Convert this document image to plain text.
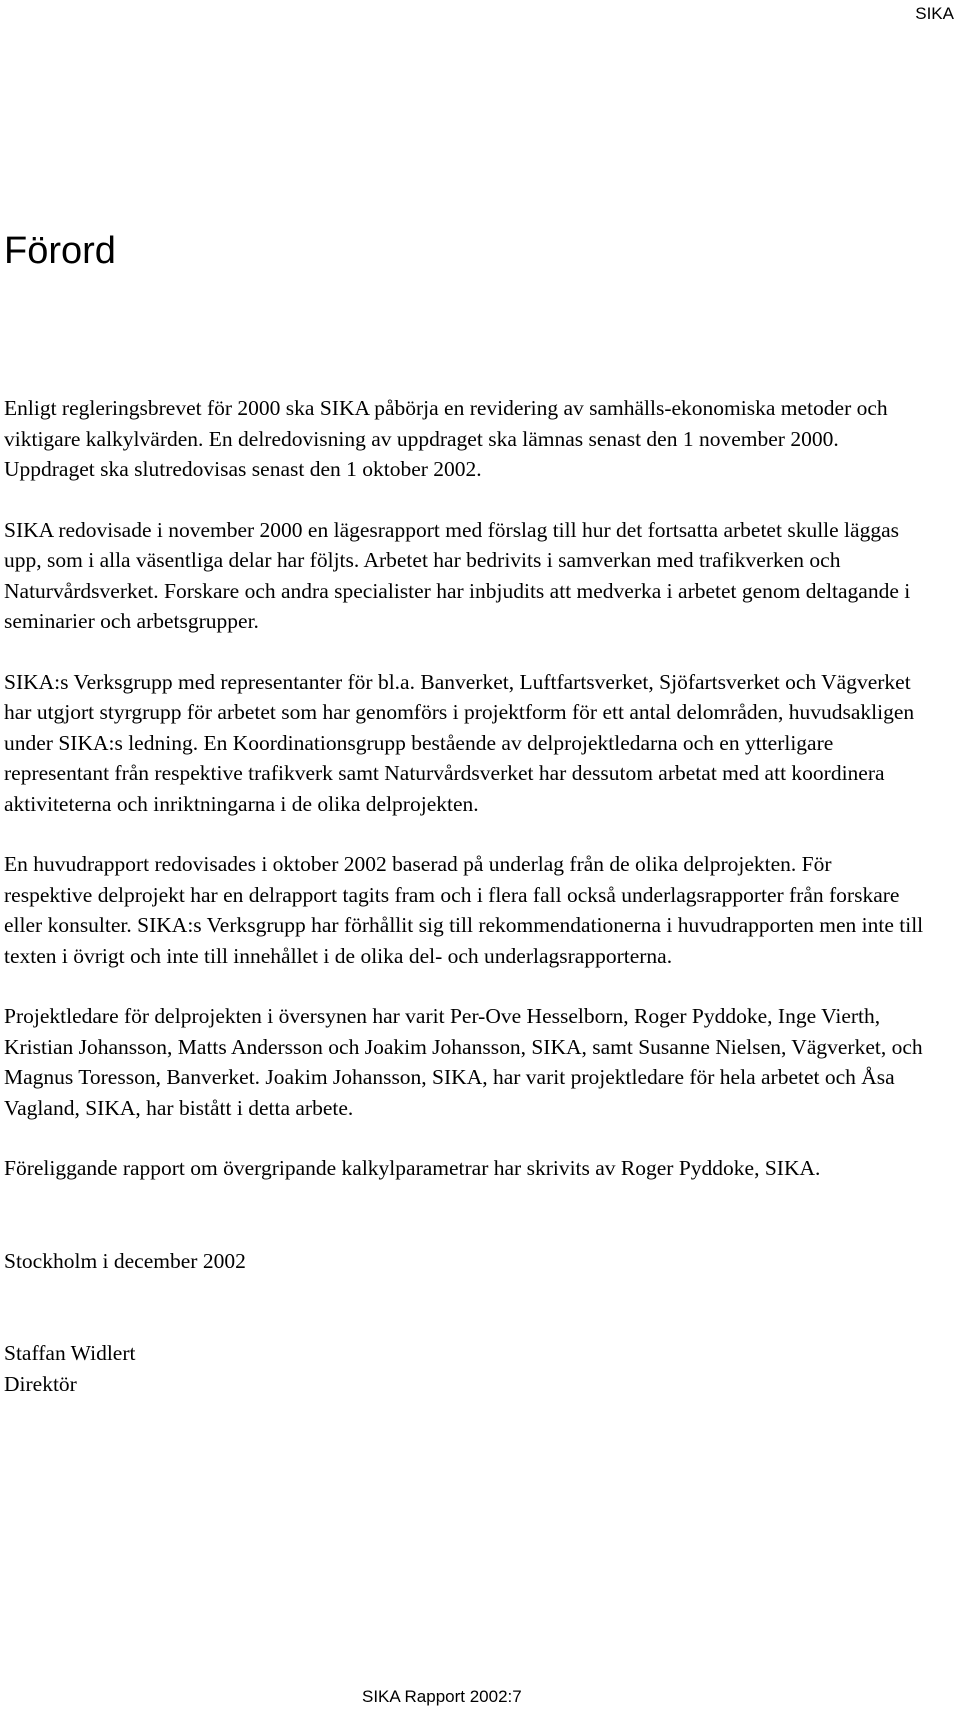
SIKA
Förord

Enligt regleringsbrevet för 2000 ska SIKA påbörja en revidering av samhälls-ekonomiska metoder och viktigare kalkylvärden. En delredovisning av uppdraget ska lämnas senast den 1 november 2000. Uppdraget ska slutredovisas senast den 1 oktober 2002.

SIKA redovisade i november 2000 en lägesrapport med förslag till hur det fortsatta arbetet skulle läggas upp, som i alla väsentliga delar har följts. Arbetet har bedrivits i samverkan med trafikverken och Naturvårdsverket. Forskare och andra specialister har inbjudits att medverka i arbetet genom deltagande i seminarier och arbetsgrupper.

SIKA:s Verksgrupp med representanter för bl.a. Banverket, Luftfartsverket, Sjöfartsverket och Vägverket har utgjort styrgrupp för arbetet som har genomförs i projektform för ett antal delområden, huvudsakligen under SIKA:s ledning. En Koordinationsgrupp bestående av delprojektledarna och en ytterligare representant från respektive trafikverk samt Naturvårdsverket har dessutom arbetat med att koordinera aktiviteterna och inriktningarna i de olika delprojekten.

En huvudrapport redovisades i oktober 2002 baserad på underlag från de olika delprojekten. För respektive delprojekt har en delrapport tagits fram och i flera fall också underlagsrapporter från forskare eller konsulter. SIKA:s Verksgrupp har förhållit sig till rekommendationerna i huvudrapporten men inte till texten i övrigt och inte till innehållet i de olika del- och underlagsrapporterna.

Projektledare för delprojekten i översynen har varit Per-Ove Hesselborn, Roger Pyddoke, Inge Vierth, Kristian Johansson, Matts Andersson och Joakim Johansson, SIKA, samt Susanne Nielsen, Vägverket, och Magnus Toresson, Banverket. Joakim Johansson, SIKA, har varit projektledare för hela arbetet och Åsa Vagland, SIKA, har bistått i detta arbete.

Föreliggande rapport om övergripande kalkylparametrar har skrivits av Roger Pyddoke, SIKA.

Stockholm i december 2002

Staffan Widlert
Direktör
SIKA Rapport 2002:7
